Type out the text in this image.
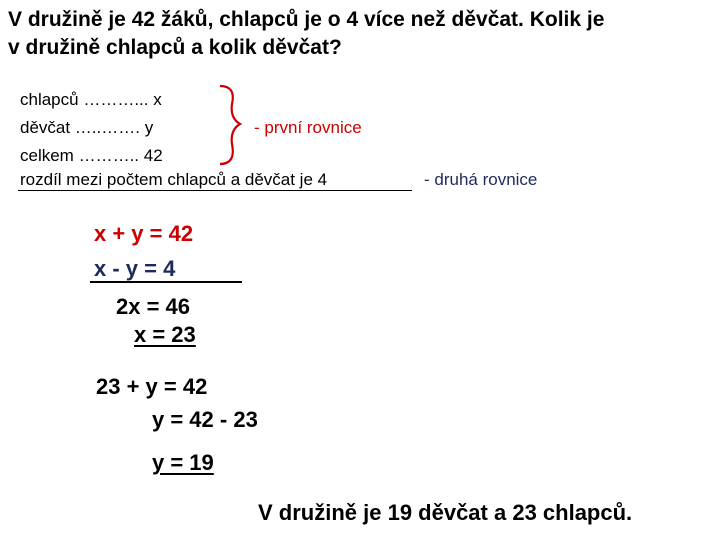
V družině je 42 žáků, chlapců je o 4 více než děvčat. Kolik je
v družině chlapců a kolik děvčat?
chlapců ………... x
děvčat …..……. y
celkem ……….. 42
rozdíl mezi počtem chlapců a děvčat je 4
- první rovnice
- druhá rovnice
x + y = 42
x - y = 4
2x = 46
x = 23
23 + y = 42
y = 42 - 23
y = 19
V družině je 19 děvčat a 23 chlapců.
